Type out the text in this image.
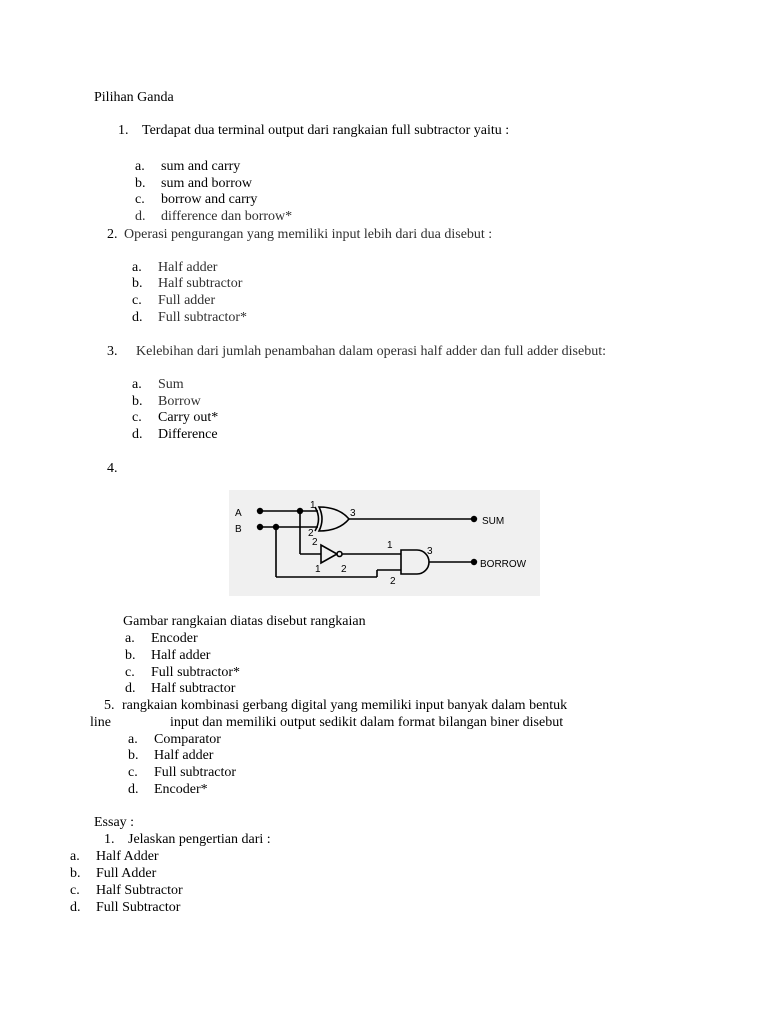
Pilihan Ganda
1. Terdapat dua terminal output dari rangkaian full subtractor yaitu :
a. sum and carry
b. sum and borrow
c. borrow and carry
d. difference dan borrow*
2. Operasi pengurangan yang memiliki input lebih dari dua disebut :
a. Half adder
b. Half subtractor
c. Full adder
d. Full subtractor*
3. Kelebihan dari jumlah penambahan dalam operasi half adder dan full adder disebut:
a. Sum
b. Borrow
c. Carry out*
d. Difference
4.
A
B
SUM
BORROW
1
2
3
2
1 2
1
2
3
Gambar rangkaian diatas disebut rangkaian
a. Encoder
b. Half adder
c. Full subtractor*
d. Half subtractor
5. rangkaian kombinasi gerbang digital yang memiliki input banyak dalam bentuk
line	input dan memiliki output sedikit dalam format bilangan biner disebut
a. Comparator
b. Half adder
c. Full subtractor
d. Encoder*
Essay :
1. Jelaskan pengertian dari :
a. Half Adder
b. Full Adder
c. Half Subtractor
d. Full Subtractor
